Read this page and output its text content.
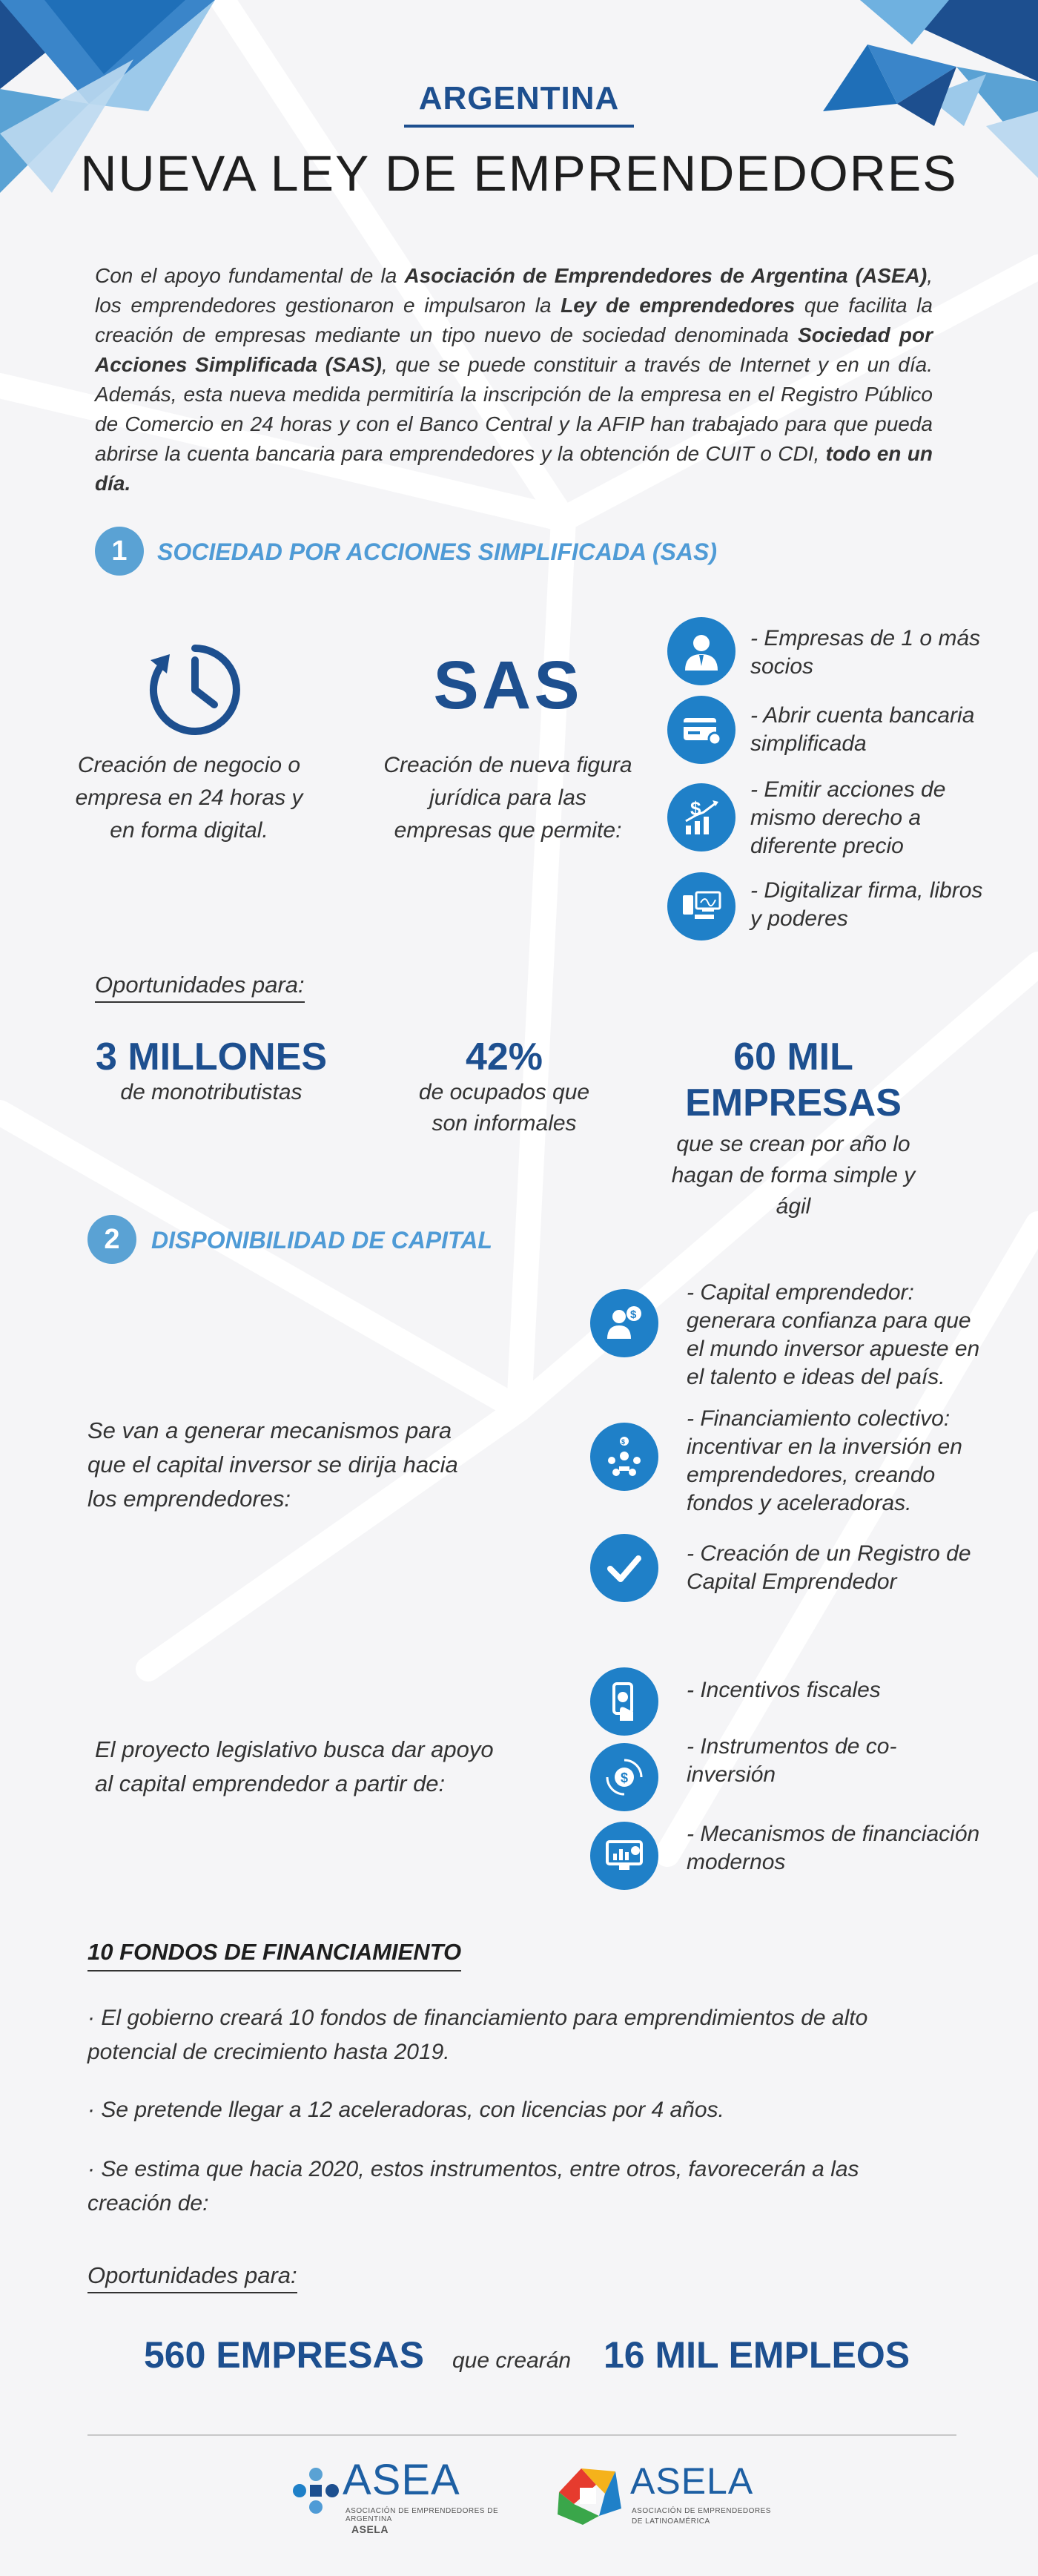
ARGENTINA
NUEVA LEY DE EMPRENDEDORES
Con el apoyo fundamental de la Asociación de Emprendedores de Argentina (ASEA), los emprendedores gestionaron e impulsaron la Ley de emprendedores que facilita la creación de empresas mediante un tipo nuevo de sociedad denominada Sociedad por Acciones Simplificada (SAS), que se puede constituir a través de Internet y en un día. Además, esta nueva medida permitiría la inscripción de la empresa en el Registro Público de Comercio en 24 horas y con el Banco Central y la AFIP han trabajado para que pueda abrirse la cuenta bancaria para emprendedores y la obtención de CUIT o CDI, todo en un día.
1	SOCIEDAD POR ACCIONES SIMPLIFICADA (SAS)
Creación de negocio o empresa en 24 horas y en forma digital.
SAS
Creación de nueva figura jurídica para las empresas que permite:
- Empresas de 1 o más socios
- Abrir cuenta bancaria simplificada
$
- Emitir acciones de mismo derecho a diferente precio
- Digitalizar firma, libros y poderes
Oportunidades para:
3 MILLONES
de monotributistas
42%
de ocupados que son informales
60 MIL EMPRESAS
que se crean por año lo hagan de forma simple y ágil
2	DISPONIBILIDAD DE CAPITAL
Se van a generar mecanismos para que el capital inversor se dirija hacia los emprendedores:
$
- Capital emprendedor: generara confianza para que el mundo inversor apueste en el talento e ideas del país.
$
- Financiamiento colectivo: incentivar en la inversión en emprendedores, creando fondos y aceleradoras.
- Creación de un Registro de Capital Emprendedor
El proyecto legislativo busca dar apoyo al capital emprendedor a partir de:
- Incentivos fiscales
$
- Instrumentos de co-inversión
- Mecanismos de financiación modernos
10 FONDOS DE FINANCIAMIENTO
· El gobierno creará 10 fondos de financiamiento para emprendimientos de alto potencial de crecimiento hasta 2019.
· Se pretende llegar a 12 aceleradoras, con licencias por 4 años.
· Se estima que hacia 2020, estos instrumentos, entre otros, favorecerán a las creación de:
Oportunidades para:
560 EMPRESAS que crearán 16 MIL EMPLEOS
ASEA
ASOCIACIÓN DE EMPRENDEDORES DE ARGENTINA
ASELA
ASELA
ASOCIACIÓN DE EMPRENDEDORES
DE LATINOAMÉRICA
